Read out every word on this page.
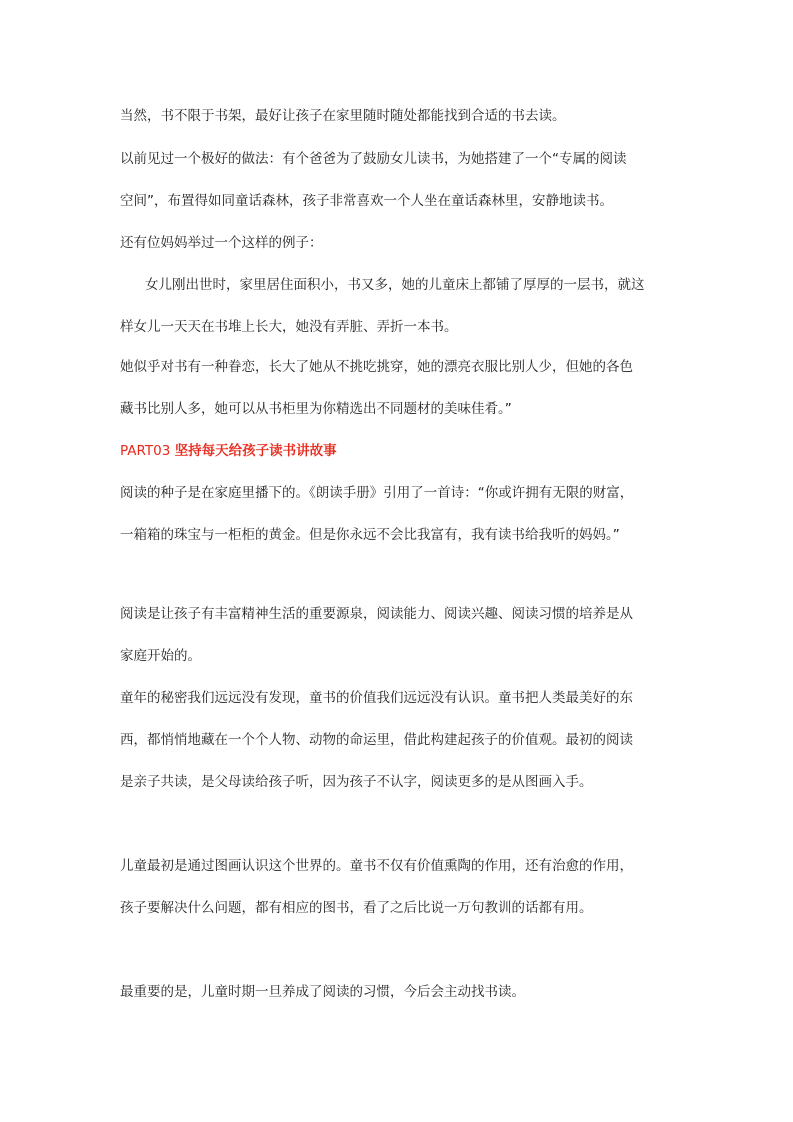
当然，书不限于书架，最好让孩子在家里随时随处都能找到合适的书去读。

以前见过一个极好的做法：有个爸爸为了鼓励女儿读书，为她搭建了一个“专属的阅读

空间”，布置得如同童话森林，孩子非常喜欢一个人坐在童话森林里，安静地读书。

还有位妈妈举过一个这样的例子：

女儿刚出世时，家里居住面积小，书又多，她的儿童床上都铺了厚厚的一层书，就这

样女儿一天天在书堆上长大，她没有弄脏、弄折一本书。

她似乎对书有一种眷恋，长大了她从不挑吃挑穿，她的漂亮衣服比别人少，但她的各色

藏书比别人多，她可以从书柜里为你精选出不同题材的美味佳肴。”

PART03 坚持每天给孩子读书讲故事

阅读的种子是在家庭里播下的。《朗读手册》引用了一首诗：“你或许拥有无限的财富，

一箱箱的珠宝与一柜柜的黄金。但是你永远不会比我富有，我有读书给我听的妈妈。”

阅读是让孩子有丰富精神生活的重要源泉，阅读能力、阅读兴趣、阅读习惯的培养是从

家庭开始的。

童年的秘密我们远远没有发现，童书的价值我们远远没有认识。童书把人类最美好的东

西，都悄悄地藏在一个个人物、动物的命运里，借此构建起孩子的价值观。最初的阅读

是亲子共读，是父母读给孩子听，因为孩子不认字，阅读更多的是从图画入手。

儿童最初是通过图画认识这个世界的。童书不仅有价值熏陶的作用，还有治愈的作用，

孩子要解决什么问题，都有相应的图书，看了之后比说一万句教训的话都有用。

最重要的是，儿童时期一旦养成了阅读的习惯，今后会主动找书读。
